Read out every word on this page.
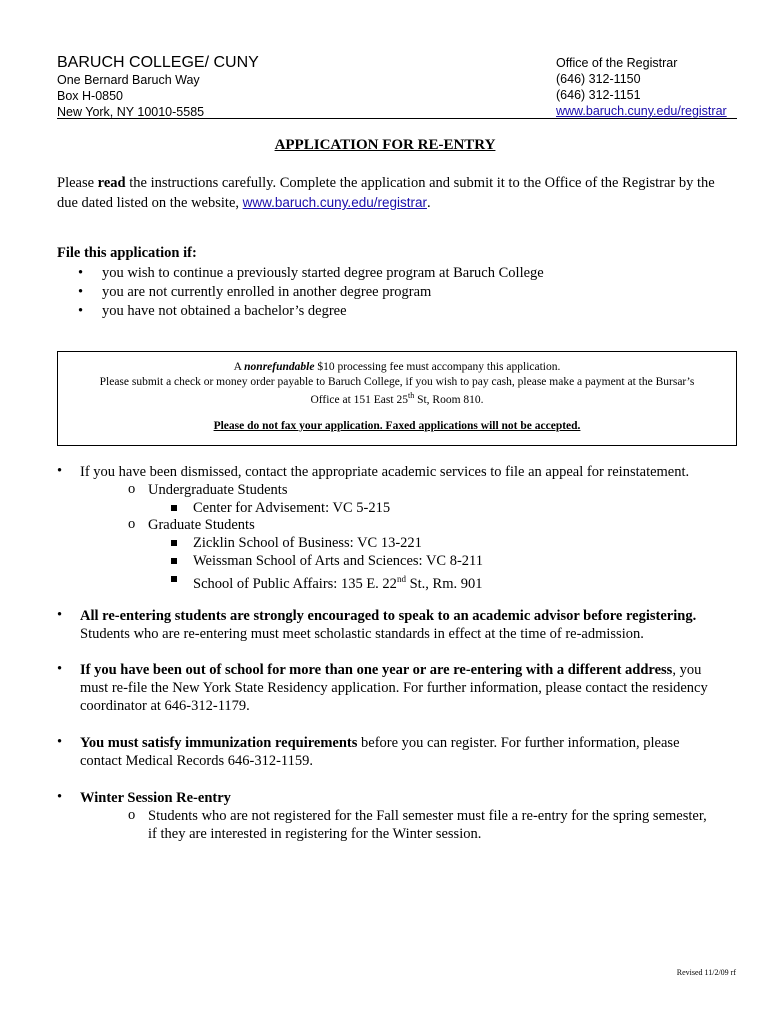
BARUCH COLLEGE/ CUNY
One Bernard Baruch Way
Box H-0850
New York, NY 10010-5585
Office of the Registrar
(646) 312-1150
(646) 312-1151
www.baruch.cuny.edu/registrar
APPLICATION FOR RE-ENTRY
Please read the instructions carefully. Complete the application and submit it to the Office of the Registrar by the due dated listed on the website, www.baruch.cuny.edu/registrar.
File this application if:
• you wish to continue a previously started degree program at Baruch College
• you are not currently enrolled in another degree program
• you have not obtained a bachelor’s degree
A nonrefundable $10 processing fee must accompany this application.
Please submit a check or money order payable to Baruch College, if you wish to pay cash, please make a payment at the Bursar’s
Office at 151 East 25th St, Room 810.
Please do not fax your application. Faxed applications will not be accepted.
• If you have been dismissed, contact the appropriate academic services to file an appeal for reinstatement.
o Undergraduate Students
Center for Advisement: VC 5-215
o Graduate Students
Zicklin School of Business: VC 13-221
Weissman School of Arts and Sciences: VC 8-211
School of Public Affairs: 135 E. 22nd St., Rm. 901
• All re-entering students are strongly encouraged to speak to an academic advisor before registering.
Students who are re-entering must meet scholastic standards in effect at the time of re-admission.
• If you have been out of school for more than one year or are re-entering with a different address, you
must re-file the New York State Residency application. For further information, please contact the residency
coordinator at 646-312-1179.
• You must satisfy immunization requirements before you can register. For further information, please
contact Medical Records 646-312-1159.
• Winter Session Re-entry
o Students who are not registered for the Fall semester must file a re-entry for the spring semester,
if they are interested in registering for the Winter session.
Revised 11/2/09 rf
